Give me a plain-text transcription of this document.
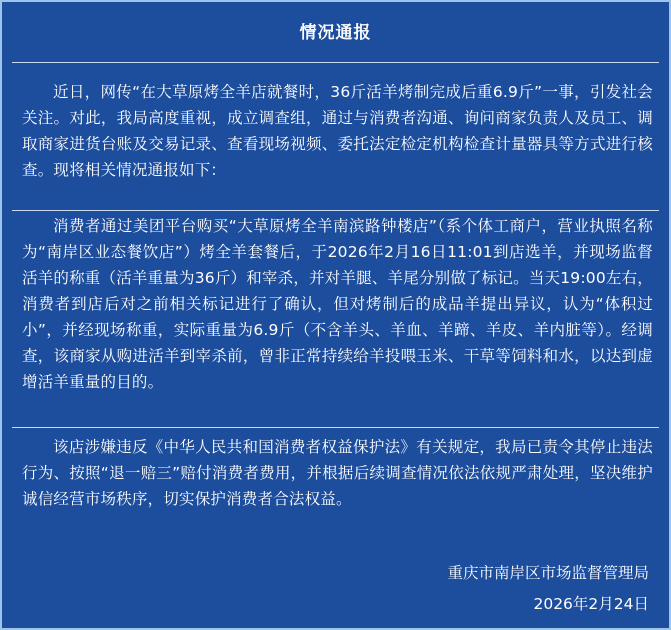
情况通报

近日，网传“在大草原烤全羊店就餐时，36斤活羊烤制完成后重6.9斤”一事，引发社会关注。对此，我局高度重视，成立调查组，通过与消费者沟通、询问商家负责人及员工、调取商家进货台账及交易记录、查看现场视频、委托法定检定机构检查计量器具等方式进行核查。现将相关情况通报如下：

消费者通过美团平台购买“大草原烤全羊南滨路钟楼店”（系个体工商户，营业执照名称为“南岸区业态餐饮店”）烤全羊套餐后，于2026年2月16日11:01到店选羊，并现场监督活羊的称重（活羊重量为36斤）和宰杀，并对羊腿、羊尾分别做了标记。当天19:00左右，消费者到店后对之前相关标记进行了确认，但对烤制后的成品羊提出异议，认为“体积过小”，并经现场称重，实际重量为6.9斤（不含羊头、羊血、羊蹄、羊皮、羊内脏等）。经调查，该商家从购进活羊到宰杀前，曾非正常持续给羊投喂玉米、干草等饲料和水，以达到虚增活羊重量的目的。

该店涉嫌违反《中华人民共和国消费者权益保护法》有关规定，我局已责令其停止违法行为、按照“退一赔三”赔付消费者费用，并根据后续调查情况依法依规严肃处理，坚决维护诚信经营市场秩序，切实保护消费者合法权益。

重庆市南岸区市场监督管理局
2026年2月24日
